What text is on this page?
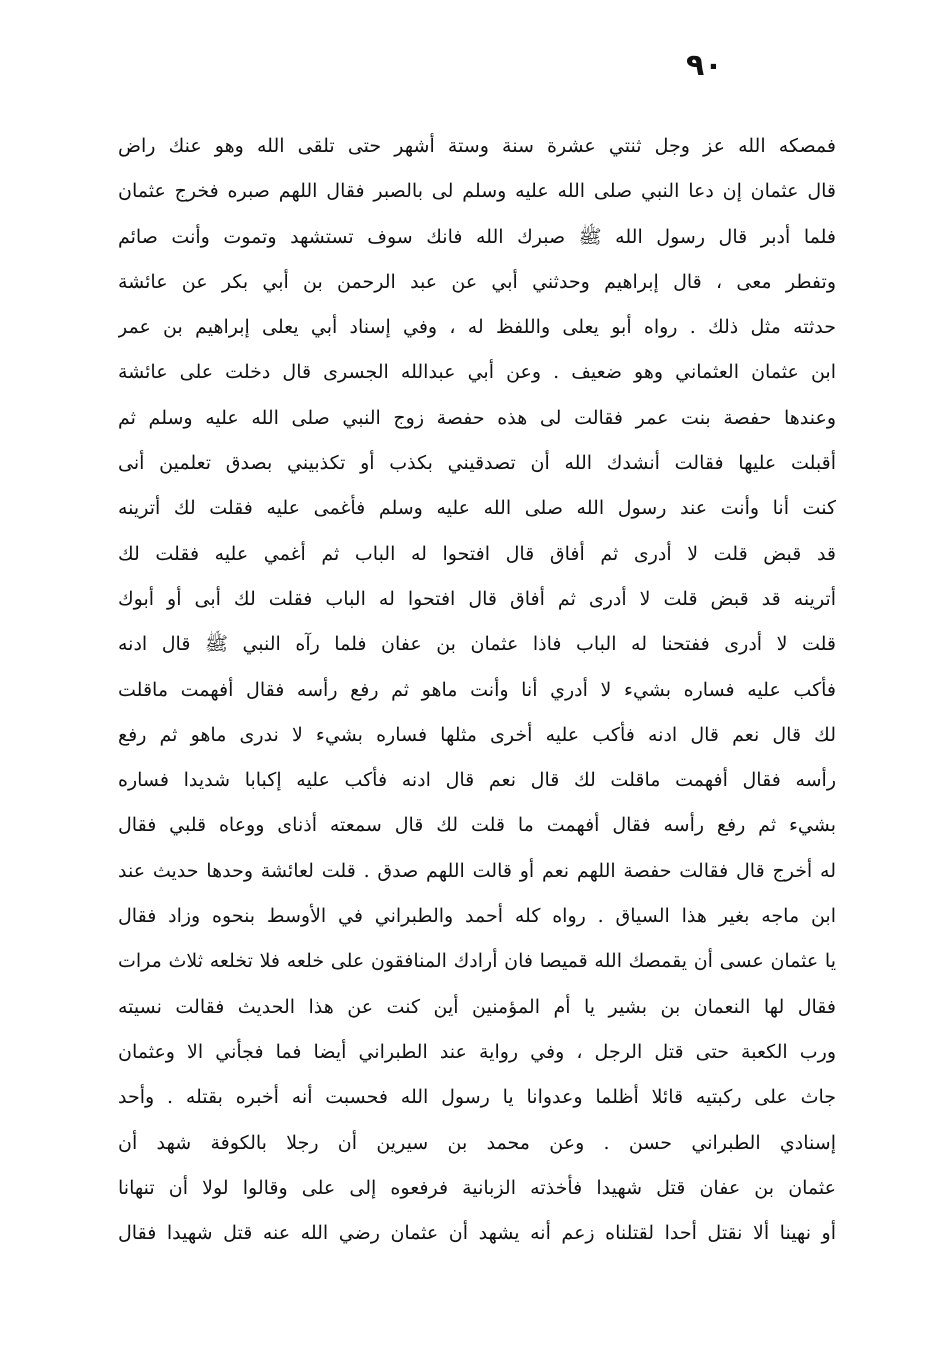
٩٠
فمصكه الله عز وجل ثنتي عشرة سنة وستة أشهر حتى تلقى الله وهو عنك راض
قال عثمان إن دعا النبي صلى الله عليه وسلم لى بالصبر فقال اللهم صبره فخرج عثمان
فلما أدبر قال رسول الله ﷺ صبرك الله فانك سوف تستشهد وتموت وأنت صائم
وتفطر معى ، قال إبراهيم وحدثني أبي عن عبد الرحمن بن أبي بكر عن عائشة
حدثته مثل ذلك . رواه أبو يعلى واللفظ له ، وفي إسناد أبي يعلى إبراهيم بن عمر
ابن عثمان العثماني وهو ضعيف . وعن أبي عبدالله الجسرى قال دخلت على عائشة
وعندها حفصة بنت عمر فقالت لى هذه حفصة زوج النبي صلى الله عليه وسلم ثم
أقبلت عليها فقالت أنشدك الله أن تصدقيني بكذب أو تكذبيني بصدق تعلمين أنى
كنت أنا وأنت عند رسول الله صلى الله عليه وسلم فأغمى عليه فقلت لك أترينه
قد قبض قلت لا أدرى ثم أفاق قال افتحوا له الباب ثم أغمي عليه فقلت لك
أترينه قد قبض قلت لا أدرى ثم أفاق قال افتحوا له الباب فقلت لك أبى أو أبوك
قلت لا أدرى ففتحنا له الباب فاذا عثمان بن عفان فلما رآه النبي ﷺ قال ادنه
فأكب عليه فساره بشيء لا أدري أنا وأنت ماهو ثم رفع رأسه فقال أفهمت ماقلت
لك قال نعم قال ادنه فأكب عليه أخرى مثلها فساره بشيء لا ندرى ماهو ثم رفع
رأسه فقال أفهمت ماقلت لك قال نعم قال ادنه فأكب عليه إكبابا شديدا فساره
بشيء ثم رفع رأسه فقال أفهمت ما قلت لك قال سمعته أذناى ووعاه قلبي فقال
له أخرج قال فقالت حفصة اللهم نعم أو قالت اللهم صدق . قلت لعائشة وحدها حديث عند
ابن ماجه بغير هذا السياق . رواه كله أحمد والطبراني في الأوسط بنحوه وزاد فقال
يا عثمان عسى أن يقمصك الله قميصا فان أرادك المنافقون على خلعه فلا تخلعه ثلاث مرات
فقال لها النعمان بن بشير يا أم المؤمنين أين كنت عن هذا الحديث فقالت نسيته
ورب الكعبة حتى قتل الرجل ، وفي رواية عند الطبراني أيضا فما فجأني الا وعثمان
جاث على ركبتيه قائلا أظلما وعدوانا يا رسول الله فحسبت أنه أخبره بقتله . وأحد
إسنادي الطبراني حسن . وعن محمد بن سيرين أن رجلا بالكوفة شهد أن
عثمان بن عفان قتل شهيدا فأخذته الزبانية فرفعوه إلى على وقالوا لولا أن تنهانا
أو نهينا ألا نقتل أحدا لقتلناه زعم أنه يشهد أن عثمان رضي الله عنه قتل شهيدا فقال
